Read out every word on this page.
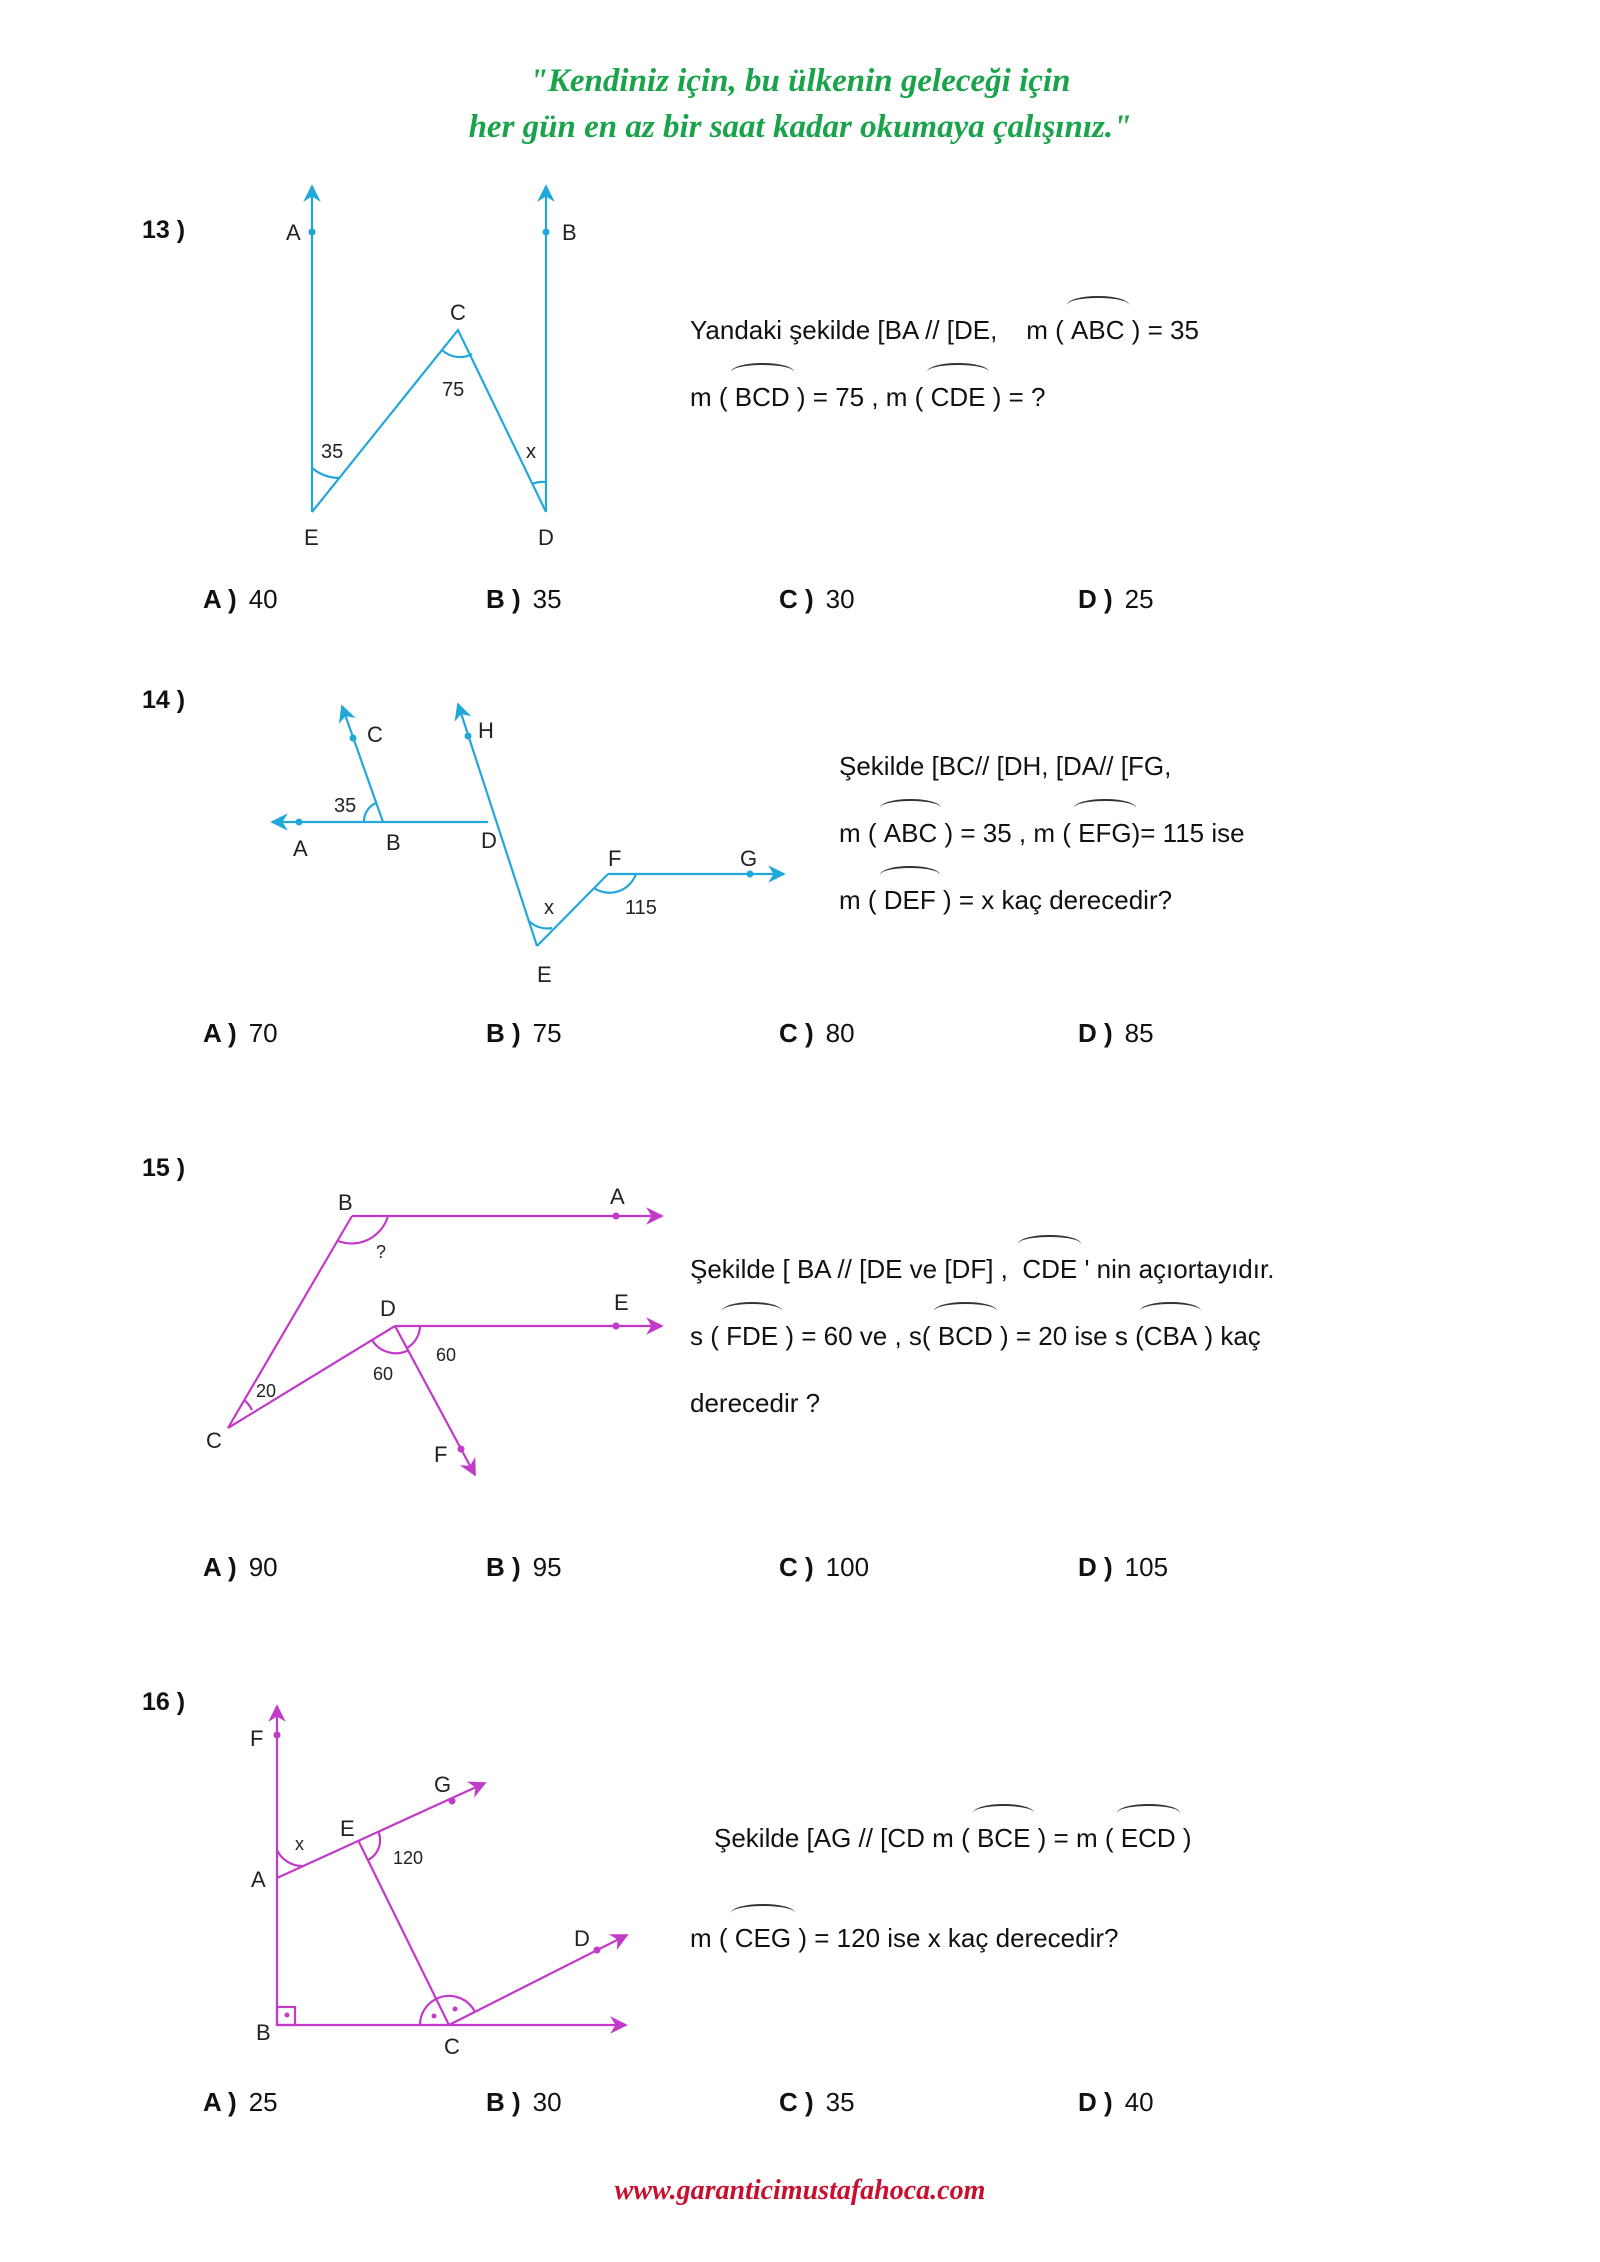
"Kendiniz için, bu ülkenin geleceği için
her gün en az bir saat kadar okumaya çalışınız."
13 )	A	B
C
D
E
35
75
x
Yandaki şekilde [BA // [DE, m ( ABC ) = 35
m ( BCD ) = 75 , m ( CDE ) = ?
A ) 40	B ) 35	C ) 30	D ) 25
14 )
A	B
C
D
E
F	G
H
35
x	115
Şekilde [BC// [DH, [DA// [FG,
m ( ABC ) = 35 , m ( EFG)= 115 ise
m ( DEF ) = x kaç derecedir?
A ) 70	B ) 75	C ) 80	D ) 85
15 )
A
B
C
D	E
F
?
20
60
60
Şekilde [ BA // [DE ve [DF] , CDE ' nin açıortayıdır.
s ( FDE ) = 60 ve , s( BCD ) = 20 ise s (CBA ) kaç
derecedir ?
A ) 90	B ) 95	C ) 100	D ) 105
16 )
A
B
C
D
E
F
G
x
120
Şekilde [AG // [CD m ( BCE ) = m ( ECD )
m ( CEG ) = 120 ise x kaç derecedir?
A ) 25	B ) 30	C ) 35	D ) 40
www.garanticimustafahoca.com
